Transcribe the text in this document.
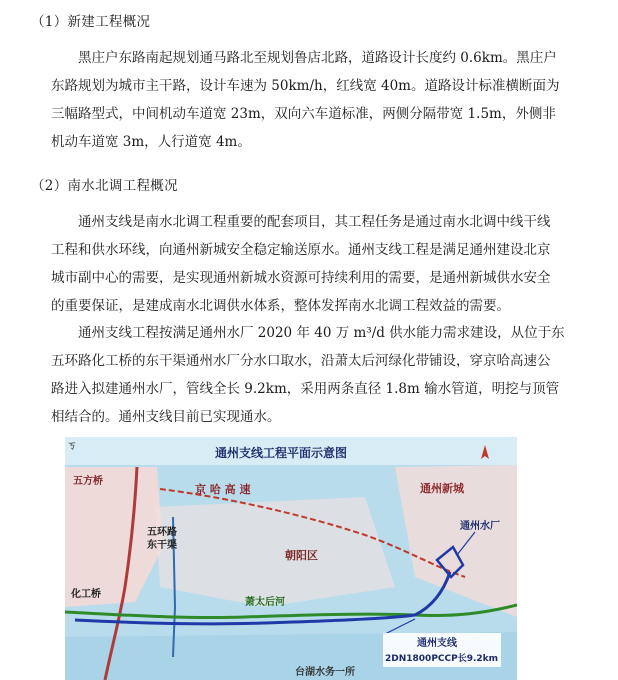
（1）新建工程概况
黑庄户东路南起规划通马路北至规划鲁店北路，道路设计长度约 0.6km。黑庄户
东路规划为城市主干路，设计车速为 50km/h，红线宽 40m。道路设计标准横断面为
三幅路型式，中间机动车道宽 23m，双向六车道标准，两侧分隔带宽 1.5m，外侧非
机动车道宽 3m，人行道宽 4m。
（2）南水北调工程概况
通州支线是南水北调工程重要的配套项目，其工程任务是通过南水北调中线干线
工程和供水环线，向通州新城安全稳定输送原水。通州支线工程是满足通州建设北京
城市副中心的需要，是实现通州新城水资源可持续利用的需要，是通州新城供水安全
的重要保证，是建成南水北调供水体系，整体发挥南水北调工程效益的需要。
通州支线工程按满足通州水厂 2020 年 40 万 m³/d 供水能力需求建设，从位于东
五环路化工桥的东干渠通州水厂分水口取水，沿萧太后河绿化带铺设，穿京哈高速公
路进入拟建通州水厂，管线全长 9.2km，采用两条直径 1.8m 输水管道，明挖与顶管
相结合的。通州支线目前已实现通水。
通州支线工程平面示意图
五方桥
京 哈 高 速	通州新城
通州水厂
五环路
东干渠
朝阳区
萧太后河
化工桥
通州支线
2DN1800PCCP长9.2km
台湖水务一所
ㄎ
